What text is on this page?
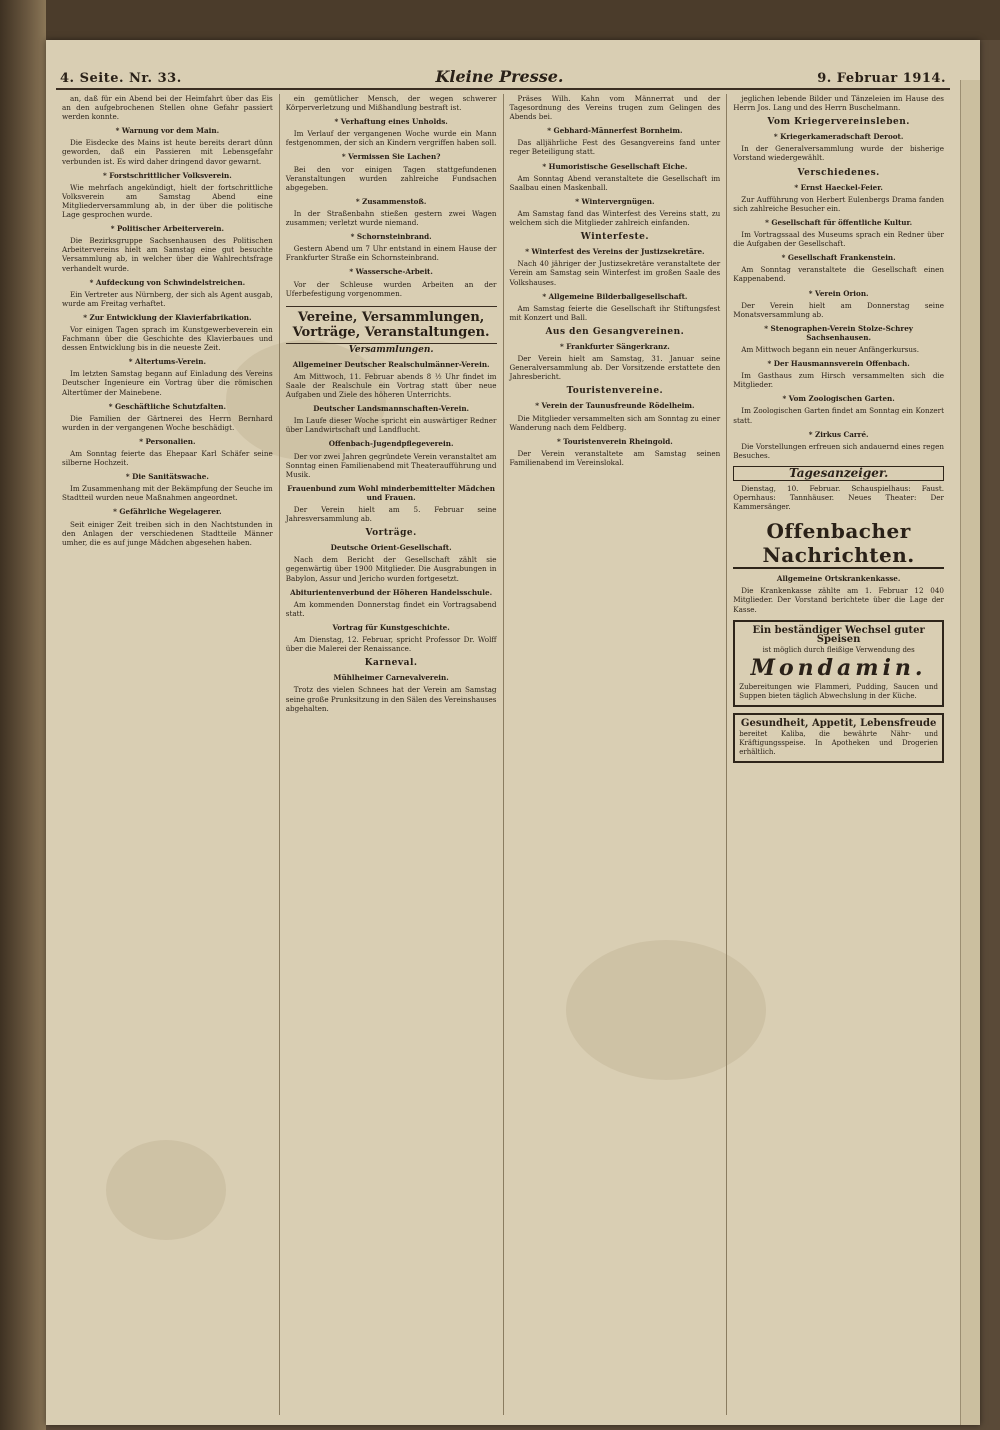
4. Seite. Nr. 33.	Kleine Presse.	9. Februar 1914.

an, daß für ein Abend bei der Heimfahrt über das Eis an den aufgebrochenen Stellen ohne Gefahr passiert werden konnte.

* Warnung vor dem Main.

Die Eisdecke des Mains ist heute bereits derart dünn geworden, daß ein Passieren mit Lebensgefahr verbunden ist. Es wird daher dringend davor gewarnt.

* Forstschrittlicher Volksverein.

Wie mehrfach angekündigt, hielt der fortschrittliche Volksverein am Samstag Abend eine Mitgliederversammlung ab, in der über die politische Lage gesprochen wurde.

* Politischer Arbeiterverein.

Die Bezirksgruppe Sachsenhausen des Politischen Arbeitervereins hielt am Samstag eine gut besuchte Versammlung ab, in welcher über die Wahlrechtsfrage verhandelt wurde.

* Aufdeckung von Schwindelstreichen.

Ein Vertreter aus Nürnberg, der sich als Agent ausgab, wurde am Freitag verhaftet.

* Zur Entwicklung der Klavierfabrikation.

Vor einigen Tagen sprach im Kunstgewerbeverein ein Fachmann über die Geschichte des Klavierbaues und dessen Entwicklung bis in die neueste Zeit.

* Altertums-Verein.

Im letzten Samstag begann auf Einladung des Vereins Deutscher Ingenieure ein Vortrag über die römischen Altertümer der Mainebene.

* Geschäftliche Schutzfalten.

Die Familien der Gärtnerei des Herrn Bernhard wurden in der vergangenen Woche beschädigt.

* Personalien.

Am Sonntag feierte das Ehepaar Karl Schäfer seine silberne Hochzeit.

* Die Sanitätswache.

Im Zusammenhang mit der Bekämpfung der Seuche im Stadtteil wurden neue Maßnahmen angeordnet.

* Gefährliche Wegelagerer.

Seit einiger Zeit treiben sich in den Nachtstunden in den Anlagen der verschiedenen Stadtteile Männer umher, die es auf junge Mädchen abgesehen haben.

ein gemütlicher Mensch, der wegen schwerer Körperverletzung und Mißhandlung bestraft ist.

* Verhaftung eines Unholds.

Im Verlauf der vergangenen Woche wurde ein Mann festgenommen, der sich an Kindern vergriffen haben soll.

* Vermissen Sie Lachen?

Bei den vor einigen Tagen stattgefundenen Veranstaltungen wurden zahlreiche Fundsachen abgegeben.

* Zusammenstoß.

In der Straßenbahn stießen gestern zwei Wagen zusammen; verletzt wurde niemand.

* Schornsteinbrand.

Gestern Abend um 7 Uhr entstand in einem Hause der Frankfurter Straße ein Schornsteinbrand.

* Wassersche-Arbeit.

Vor der Schleuse wurden Arbeiten an der Uferbefestigung vorgenommen.

Vereine, Versammlungen, Vorträge, Veranstaltungen.
Versammlungen.
Allgemeiner Deutscher Realschulmänner-Verein.

Am Mittwoch, 11. Februar abends 8 ½ Uhr findet im Saale der Realschule ein Vortrag statt über neue Aufgaben und Ziele des höheren Unterrichts.

Deutscher Landsmannschaften-Verein.

Im Laufe dieser Woche spricht ein auswärtiger Redner über Landwirtschaft und Landflucht.

Offenbach-Jugendpflegeverein.

Der vor zwei Jahren gegründete Verein veranstaltet am Sonntag einen Familienabend mit Theateraufführung und Musik.

Frauenbund zum Wohl minderbemittelter Mädchen und Frauen.

Der Verein hielt am 5. Februar seine Jahresversammlung ab.

Vorträge.
Deutsche Orient-Gesellschaft.

Nach dem Bericht der Gesellschaft zählt sie gegenwärtig über 1900 Mitglieder. Die Ausgrabungen in Babylon, Assur und Jericho wurden fortgesetzt.

Abiturientenverbund der Höheren Handelsschule.

Am kommenden Donnerstag findet ein Vortragsabend statt.

Vortrag für Kunstgeschichte.

Am Dienstag, 12. Februar, spricht Professor Dr. Wolff über die Malerei der Renaissance.

Karneval.
Mühlheimer Carnevalverein.

Trotz des vielen Schnees hat der Verein am Samstag seine große Prunksitzung in den Sälen des Vereinshauses abgehalten.

Präses Wilh. Kahn vom Männerrat und der Tagesordnung des Vereins trugen zum Gelingen des Abends bei.

* Gebhard-Männerfest Bornheim.

Das alljährliche Fest des Gesangvereins fand unter reger Beteiligung statt.

* Humoristische Gesellschaft Eiche.

Am Sonntag Abend veranstaltete die Gesellschaft im Saalbau einen Maskenball.

* Wintervergnügen.

Am Samstag fand das Winterfest des Vereins statt, zu welchem sich die Mitglieder zahlreich einfanden.

Winterfeste.
* Winterfest des Vereins der Justizsekretäre.

Nach 40 jähriger der Justizsekretäre veranstaltete der Verein am Samstag sein Winterfest im großen Saale des Volkshauses.

* Allgemeine Bilderballgesellschaft.

Am Samstag feierte die Gesellschaft ihr Stiftungsfest mit Konzert und Ball.

Aus den Gesangvereinen.
* Frankfurter Sängerkranz.

Der Verein hielt am Samstag, 31. Januar seine Generalversammlung ab. Der Vorsitzende erstattete den Jahresbericht.

Touristenvereine.
* Verein der Taunusfreunde Rödelheim.

Die Mitglieder versammelten sich am Sonntag zu einer Wanderung nach dem Feldberg.

* Touristenverein Rheingold.

Der Verein veranstaltete am Samstag seinen Familienabend im Vereinslokal.

jeglichen lebende Bilder und Tänzeleien im Hause des Herrn Jos. Lang und des Herrn Buschelmann.

Vom Kriegervereinsleben.
* Kriegerkameradschaft Deroot.

In der Generalversammlung wurde der bisherige Vorstand wiedergewählt.

Verschiedenes.
* Ernst Haeckel-Feier.

Zur Aufführung von Herbert Eulenbergs Drama fanden sich zahlreiche Besucher ein.

* Gesellschaft für öffentliche Kultur.

Im Vortragssaal des Museums sprach ein Redner über die Aufgaben der Gesellschaft.

* Gesellschaft Frankenstein.

Am Sonntag veranstaltete die Gesellschaft einen Kappenabend.

* Verein Orion.

Der Verein hielt am Donnerstag seine Monatsversammlung ab.

* Stenographen-Verein Stolze-Schrey Sachsenhausen.

Am Mittwoch begann ein neuer Anfängerkursus.

* Der Hausmannsverein Offenbach.

Im Gasthaus zum Hirsch versammelten sich die Mitglieder.

* Vom Zoologischen Garten.

Im Zoologischen Garten findet am Sonntag ein Konzert statt.

* Zirkus Carré.

Die Vorstellungen erfreuen sich andauernd eines regen Besuches.

Tagesanzeiger.

Dienstag, 10. Februar. Schauspielhaus: Faust. Opernhaus: Tannhäuser. Neues Theater: Der Kammersänger.

Offenbacher Nachrichten.
Allgemeine Ortskrankenkasse.

Die Krankenkasse zählte am 1. Februar 12 040 Mitglieder. Der Vorstand berichtete über die Lage der Kasse.

Ein beständiger Wechsel guter Speisen
ist möglich durch fleißige Verwendung des
Mondamin.
Zubereitungen wie Flammeri, Pudding, Saucen und Suppen bieten täglich Abwechslung in der Küche.
Gesundheit, Appetit, Lebensfreude
bereitet Kaliba, die bewährte Nähr- und Kräftigungsspeise. In Apotheken und Drogerien erhältlich.
